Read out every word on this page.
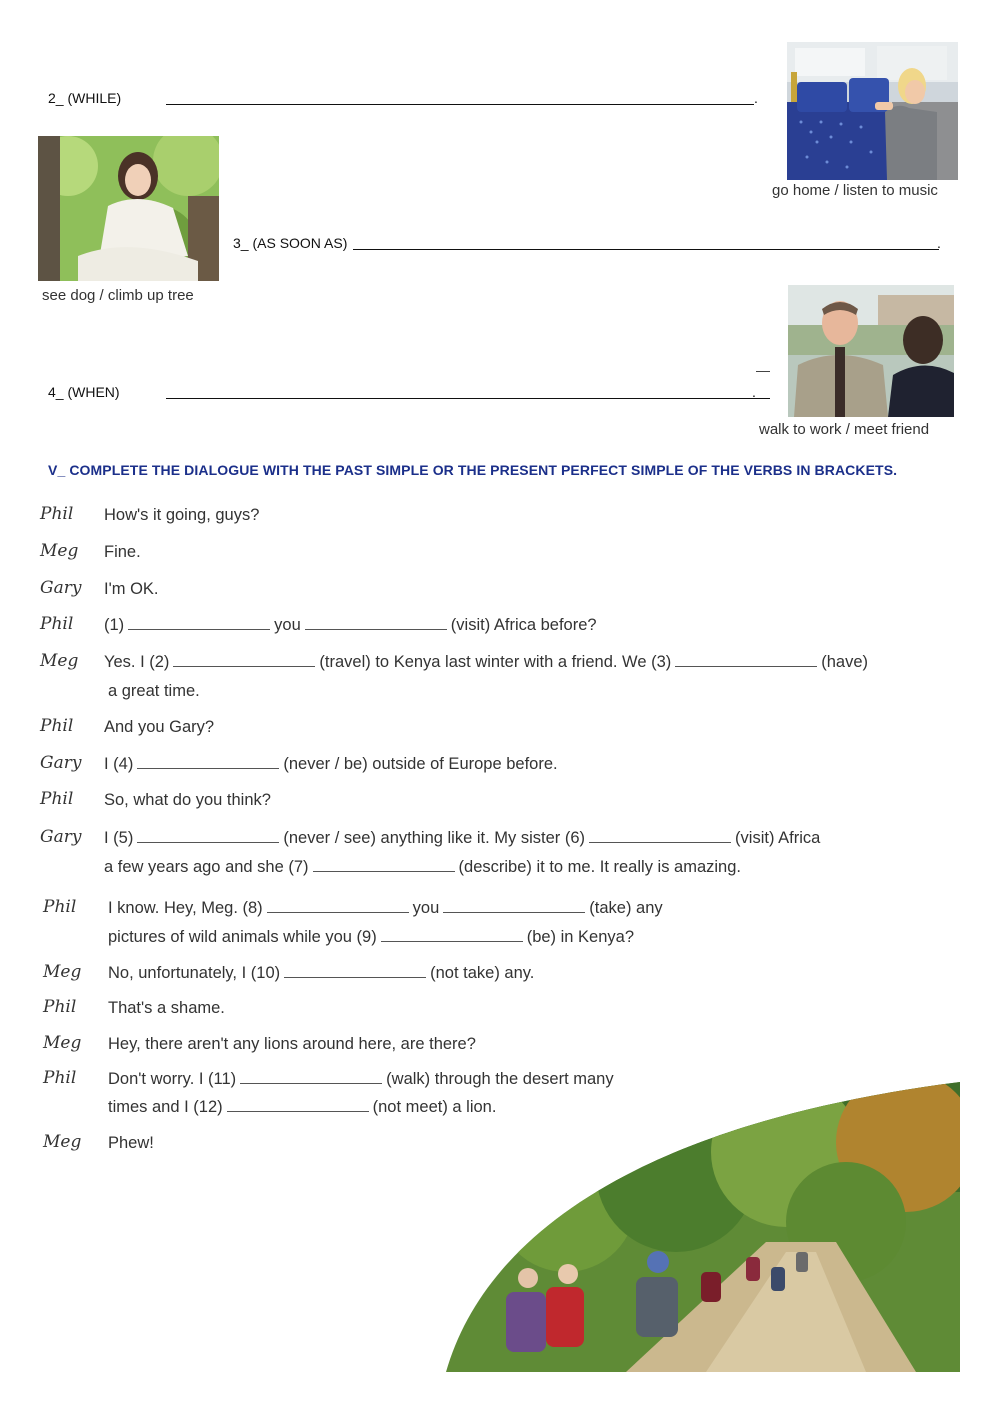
2_ (WHILE)	.
go home / listen to music
3_ (AS SOON AS)	.
see dog / climb up tree
4_ (WHEN)	.
walk to work / meet friend
V_ COMPLETE THE DIALOGUE WITH THE PAST SIMPLE OR THE PRESENT PERFECT SIMPLE OF THE VERBS IN BRACKETS.
Phil How's it going, guys?
Meg Fine.
Gary I'm OK.
Phil (1)	you	(visit) Africa before?
Meg Yes. I (2)	(travel) to Kenya last winter with a friend. We (3)	(have)
a great time.
Phil And you Gary?
Gary I (4)	(never / be) outside of Europe before.
Phil So, what do you think?
Gary I (5)	(never / see) anything like it. My sister (6)	(visit) Africa
a few years ago and she (7)	(describe) it to me. It really is amazing.
Phil I know. Hey, Meg. (8)	you	(take) any
pictures of wild animals while you (9)	(be) in Kenya?
Meg No, unfortunately, I (10)	(not take) any.
Phil That's a shame.
Meg Hey, there aren't any lions around here, are there?
Phil Don't worry. I (11)	(walk) through the desert many
times and I (12)	(not meet) a lion.
Meg Phew!
